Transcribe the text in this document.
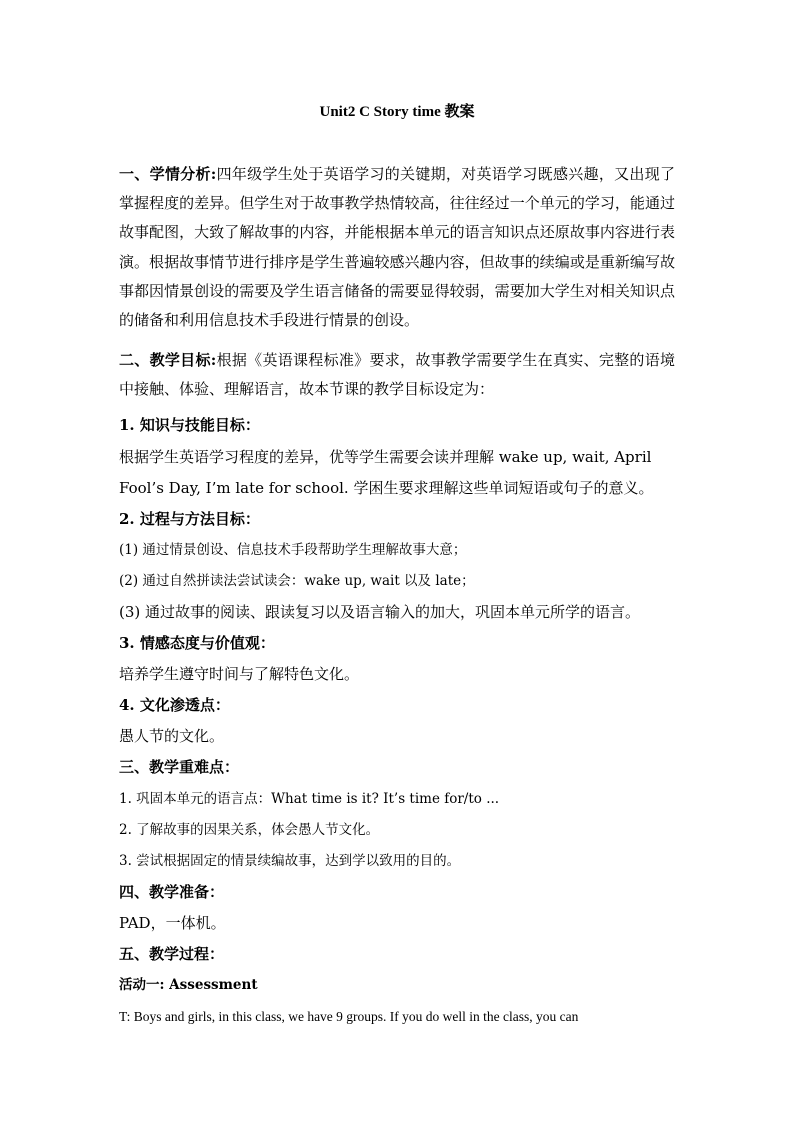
Unit2 C Story time 教案
一、学情分析:四年级学生处于英语学习的关键期，对英语学习既感兴趣，又出现了掌握程度的差异。但学生对于故事教学热情较高，往往经过一个单元的学习，能通过故事配图，大致了解故事的内容，并能根据本单元的语言知识点还原故事内容进行表演。根据故事情节进行排序是学生普遍较感兴趣内容，但故事的续编或是重新编写故事都因情景创设的需要及学生语言储备的需要显得较弱，需要加大学生对相关知识点的储备和利用信息技术手段进行情景的创设。
二、教学目标:根据《英语课程标准》要求，故事教学需要学生在真实、完整的语境中接触、体验、理解语言，故本节课的教学目标设定为：
1. 知识与技能目标：
根据学生英语学习程度的差异，优等学生需要会读并理解 wake up, wait, April
Fool’s Day, I’m late for school. 学困生要求理解这些单词短语或句子的意义。
2. 过程与方法目标：
(1) 通过情景创设、信息技术手段帮助学生理解故事大意；
(2) 通过自然拼读法尝试读会：wake up, wait 以及 late；
(3) 通过故事的阅读、跟读复习以及语言输入的加大，巩固本单元所学的语言。
3. 情感态度与价值观：
培养学生遵守时间与了解特色文化。
4. 文化渗透点：
愚人节的文化。
三、教学重难点：
1. 巩固本单元的语言点：What time is it? It’s time for/to ...
2. 了解故事的因果关系，体会愚人节文化。
3. 尝试根据固定的情景续编故事，达到学以致用的目的。
四、教学准备：
PAD，一体机。
五、教学过程：
活动一: Assessment
T: Boys and girls, in this class, we have 9 groups. If you do well in the class, you can
